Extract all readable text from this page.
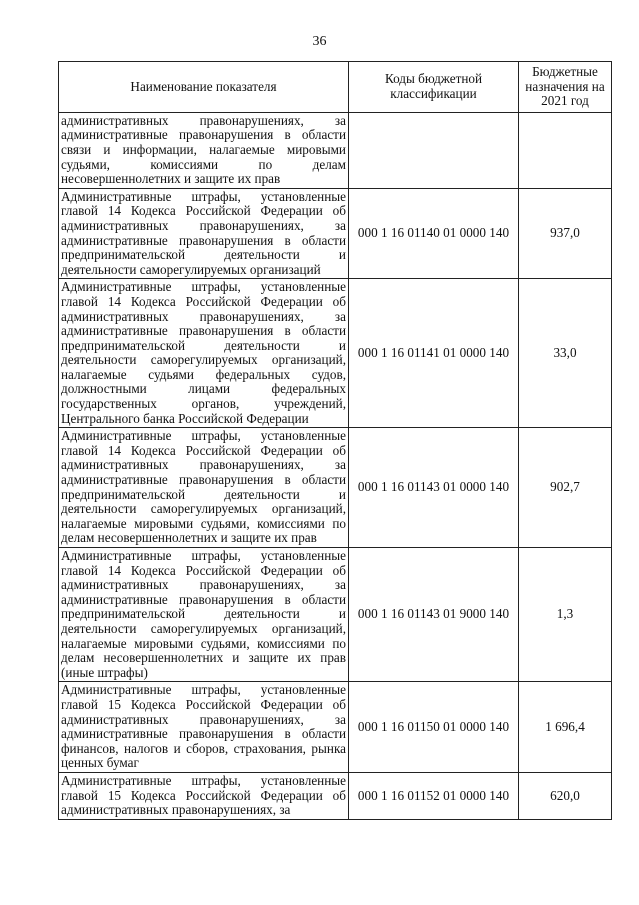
36
Наименование показателя	Коды бюджетной классификации	Бюджетные назначения на 2021 год
административных правонарушениях, за административные правонарушения в области связи и информации, налагаемые мировыми судьями, комиссиями по делам несовершеннолетних и защите их прав		
Административные штрафы, установленные главой 14 Кодекса Российской Федерации об административных правонарушениях, за административные правонарушения в области предпринимательской деятельности и деятельности саморегулируемых организаций	000 1 16 01140 01 0000 140	937,0
Административные штрафы, установленные главой 14 Кодекса Российской Федерации об административных правонарушениях, за административные правонарушения в области предпринимательской деятельности и деятельности саморегулируемых организаций, налагаемые судьями федеральных судов, должностными лицами федеральных государственных органов, учреждений, Центрального банка Российской Федерации	000 1 16 01141 01 0000 140	33,0
Административные штрафы, установленные главой 14 Кодекса Российской Федерации об административных правонарушениях, за административные правонарушения в области предпринимательской деятельности и деятельности саморегулируемых организаций, налагаемые мировыми судьями, комиссиями по делам несовершеннолетних и защите их прав	000 1 16 01143 01 0000 140	902,7
Административные штрафы, установленные главой 14 Кодекса Российской Федерации об административных правонарушениях, за административные правонарушения в области предпринимательской деятельности и деятельности саморегулируемых организаций, налагаемые мировыми судьями, комиссиями по делам несовершеннолетних и защите их прав (иные штрафы)	000 1 16 01143 01 9000 140	1,3
Административные штрафы, установленные главой 15 Кодекса Российской Федерации об административных правонарушениях, за административные правонарушения в области финансов, налогов и сборов, страхования, рынка ценных бумаг	000 1 16 01150 01 0000 140	1 696,4
Административные штрафы, установленные главой 15 Кодекса Российской Федерации об административных правонарушениях, за	000 1 16 01152 01 0000 140	620,0
